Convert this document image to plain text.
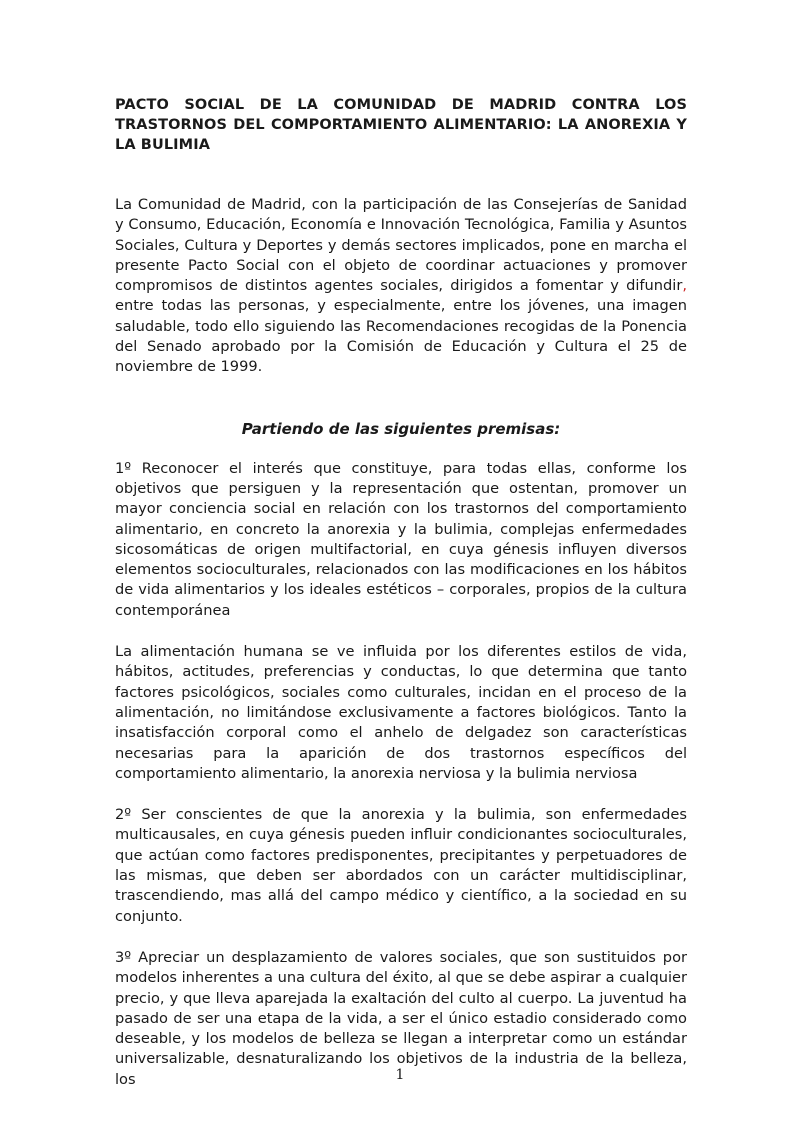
PACTO SOCIAL DE LA COMUNIDAD DE MADRID CONTRA LOS TRASTORNOS DEL COMPORTAMIENTO ALIMENTARIO: LA ANOREXIA Y LA BULIMIA

La Comunidad de Madrid, con la participación de las Consejerías de Sanidad y Consumo, Educación, Economía e Innovación Tecnológica, Familia y Asuntos Sociales, Cultura y Deportes y demás sectores implicados, pone en marcha el presente Pacto Social con el objeto de coordinar actuaciones y promover compromisos de distintos agentes sociales, dirigidos a fomentar y difundir, entre todas las personas, y especialmente, entre los jóvenes, una imagen saludable, todo ello siguiendo las Recomendaciones recogidas de la Ponencia del Senado aprobado por la Comisión de Educación y Cultura el 25 de noviembre de 1999.

Partiendo de las siguientes premisas:

1º Reconocer el interés que constituye, para todas ellas, conforme los objetivos que persiguen y la representación que ostentan, promover un mayor conciencia social en relación con los trastornos del comportamiento alimentario, en concreto la anorexia y la bulimia, complejas enfermedades sicosomáticas de origen multifactorial, en cuya génesis influyen diversos elementos socioculturales, relacionados con las modificaciones en los hábitos de vida alimentarios y los ideales estéticos – corporales, propios de la cultura contemporánea

La alimentación humana se ve influida por los diferentes estilos de vida, hábitos, actitudes, preferencias y conductas, lo que determina que tanto factores psicológicos, sociales como culturales, incidan en el proceso de la alimentación, no limitándose exclusivamente a factores biológicos. Tanto la insatisfacción corporal como el anhelo de delgadez son características necesarias para la aparición de dos trastornos específicos del comportamiento alimentario, la anorexia nerviosa y la bulimia nerviosa

2º Ser conscientes de que la anorexia y la bulimia, son enfermedades multicausales, en cuya génesis pueden influir condicionantes socioculturales, que actúan como factores predisponentes, precipitantes y perpetuadores de las mismas, que deben ser abordados con un carácter multidisciplinar, trascendiendo, mas allá del campo médico y científico, a la sociedad en su conjunto.

3º Apreciar un desplazamiento de valores sociales, que son sustituidos por modelos inherentes a una cultura del éxito, al que se debe aspirar a cualquier precio, y que lleva aparejada la exaltación del culto al cuerpo. La juventud ha pasado de ser una etapa de la vida, a ser el único estadio considerado como deseable, y los modelos de belleza se llegan a interpretar como un estándar universalizable, desnaturalizando los objetivos de la industria de la belleza, los	1
